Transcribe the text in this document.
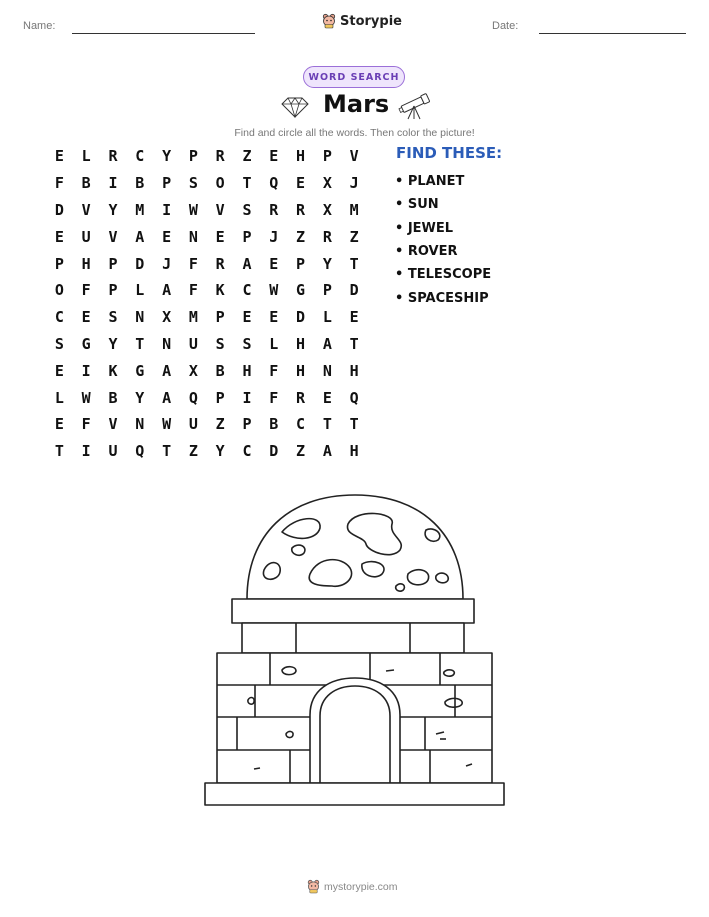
Name:	Storypie	Date:
WORD SEARCH
Mars
Find and circle all the words. Then color the picture!
E	L	R	C	Y	P	R	Z	E	H	P	V
F	B	I	B	P	S	O	T	Q	E	X	J
D	V	Y	M	I	W	V	S	R	R	X	M
E	U	V	A	E	N	E	P	J	Z	R	Z
P	H	P	D	J	F	R	A	E	P	Y	T
O	F	P	L	A	F	K	C	W	G	P	D
C	E	S	N	X	M	P	E	E	D	L	E
S	G	Y	T	N	U	S	S	L	H	A	T
E	I	K	G	A	X	B	H	F	H	N	H
L	W	B	Y	A	Q	P	I	F	R	E	Q
E	F	V	N	W	U	Z	P	B	C	T	T
T	I	U	Q	T	Z	Y	C	D	Z	A	H
FIND THESE:
• PLANET
• SUN
• JEWEL
• ROVER
• TELESCOPE
• SPACESHIP
mystorypie.com
